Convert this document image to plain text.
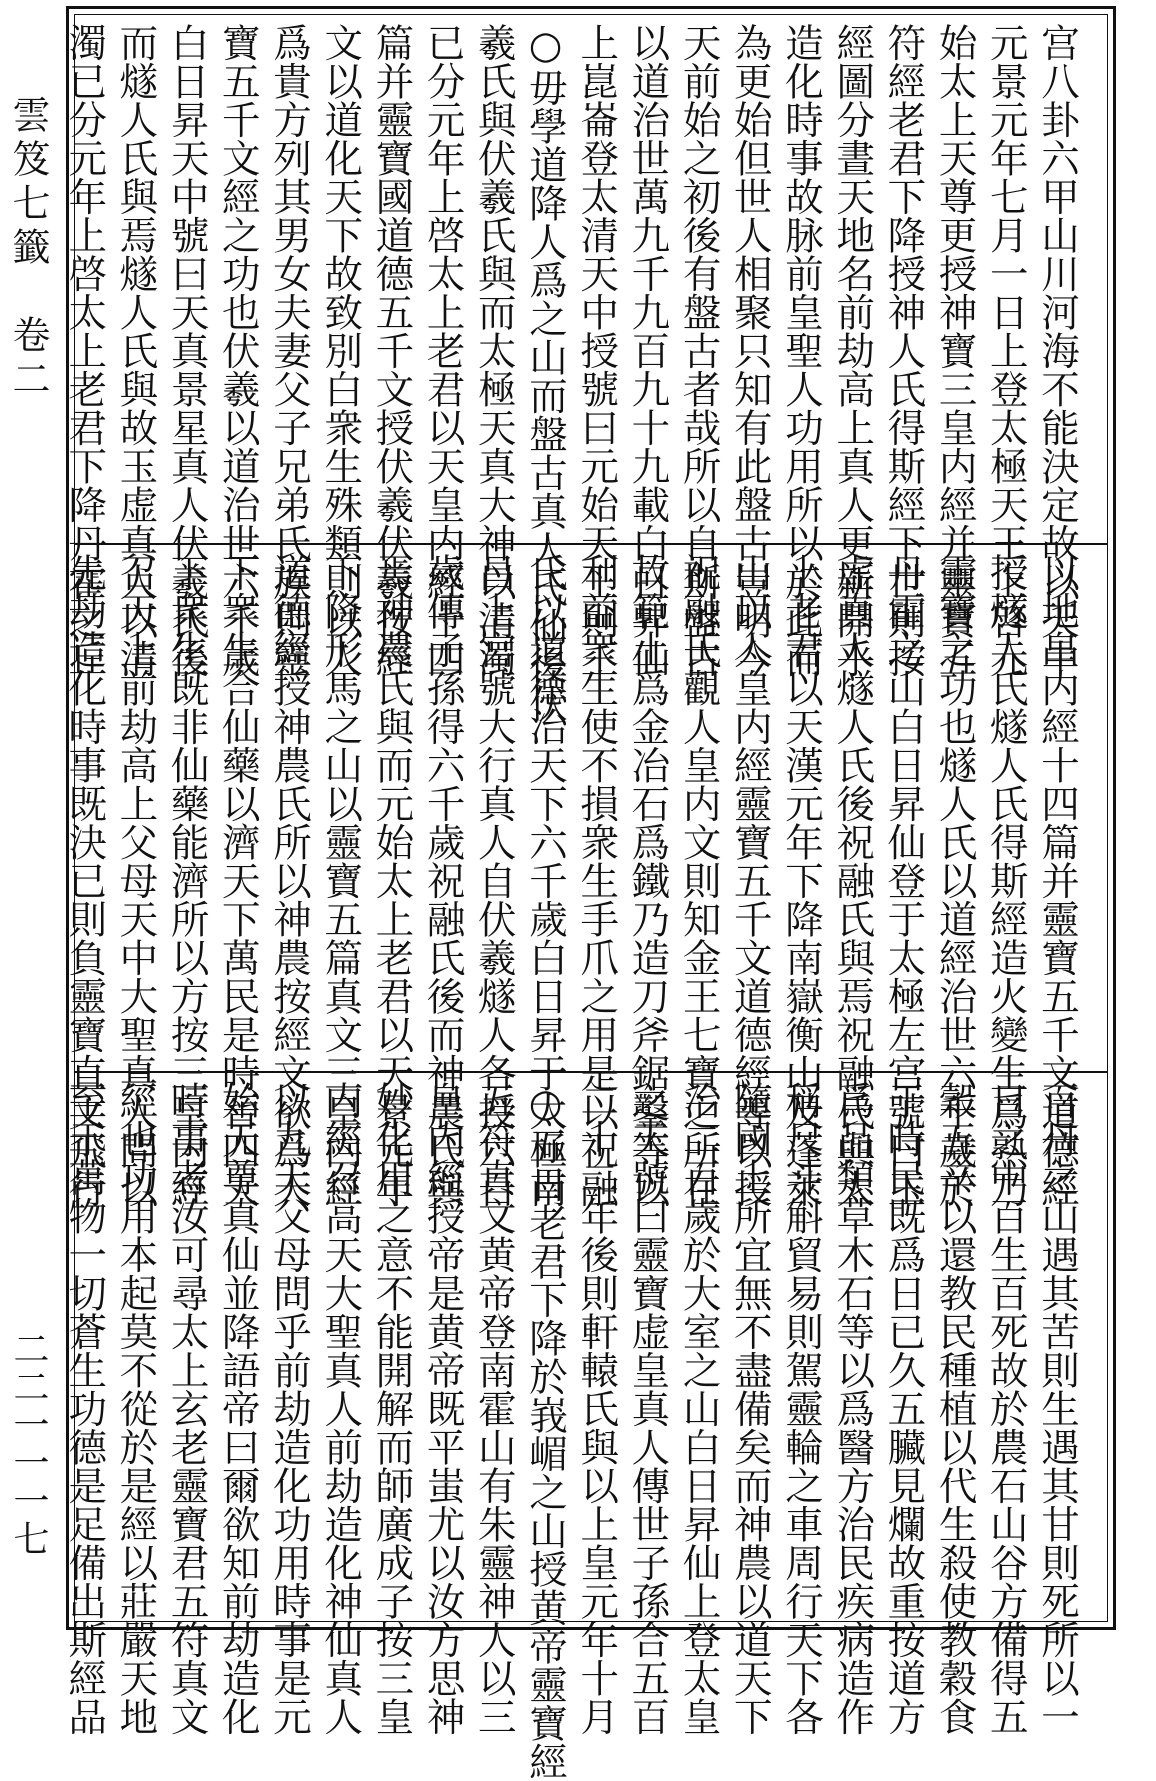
雲笈七籤　卷二
二二一一一七
宫八卦六甲山川河海不能決定故以天中
元景元年七月一日上登太極天王上啓元
始太上天尊更授神寶三皇内經并靈寶五
符經老君下降授神人氏得斯經下世則按
經圖分晝天地名前劫高上真人更新開乎
造化時事故脉前皇聖人功用所以於此而
為更始但世人相聚只知有此盤古豈明今
天前始之初後有盤古者哉所以自斯盤古
以道治世萬九千九百九十九載白日昇仙
上崑崙登太清天中授號曰元始天王則王
○毋學道降人爲之山而盤古真人氏仙後伏
羲氏與伏羲氏與而太極天真大神以清濁
已分元年上啓太上老君以天皇内經十四
篇并靈寶國道德五千文授伏羲伏羲按經
文以道化天下故致別白衆生殊類則以人
爲貴方列其男女夫妻父子兄弟氏族則靈
寶五千文經之功也伏羲以道治世六千歲
白日昇天中號曰天真景星真人伏羲氏後
而燧人氏與焉燧人氏與故玉虚真人以清
濁已分元年上啓太上老君下降丹霍之丘
以地皇内經十四篇并靈寶五千文道德經
授燧人氏燧人氏得斯經造火變生爲熟乃
靈寶之功也燧人氏以道經治世六千歲於
丹霍之山白日昇仙登于太極左宫號曰玉
虚真人燧人氏後祝融氏與焉祝融氏與太
上老君以天漢元年下降南嶽衡山及蓬萊
山以人皇内經靈寶五千文道德經等以授
祝融氏觀人皇内文則知金王七寶之所在
故範土爲金冶石爲鐵乃造刀斧鋸鑿等以
利益衆生使不損衆生手爪之用是以祝融
氏以道德治天下六千歲白日昇于太極南
昌上宫號大行真人自伏羲燧人各授六百
歲傳子孫得六千歲祝融氏後而神農氏與
焉神農氏與而元始太上老君以天景元年
下降形馬之山以靈寶五篇真文三皇内經
道德經授神農氏所以神農按經文欲爲天
下衆生合仙藥以濟天下萬民是時晉四天
下衆生既非仙藥能濟所以方按三皇内經
召天上前劫高上父母天中大聖真人問以
先劫造化時事既決已則負靈寶直文飛行
百丹之山遇其苦則生遇其甘則死所以一
日之中百生百死故於農石山谷方備得五
穀五辛以還教民種植以代生殺使教穀食
于時民既爲日已久五臟見爛故重按道方
爲品類草木石等以爲醫方治民疾病造作
稱尺斗斛貿易則駕靈輪之車周行天下各
隨國土所宜無不盡備矣而神農以道天下
治二百歲於大室之山白日昇仙上登太皇
之天號曰靈寶虚皇真人傳世子孫合五百
二十二年後則軒轅氏與以上皇元年十月
○五日老君下降於峩嵋之山授黄帝靈寶經
五符真文黄帝登南霍山有朱靈神人以三
皇内經授帝是黄帝既平蚩尤以汝方思神
妙化用之意不能開解而師廣成子按三皇
内經召高天大聖真人前劫造化神仙真人
以九天父母問乎前劫造化功用時事是元
始天尊真仙並降語帝曰爾欲知前劫造化
時事者汝可尋太上玄老靈寶君五符真文
經也功用本起莫不從於是經以莊嚴天地
至于萬物一切蒼生功德是足備出斯經品
